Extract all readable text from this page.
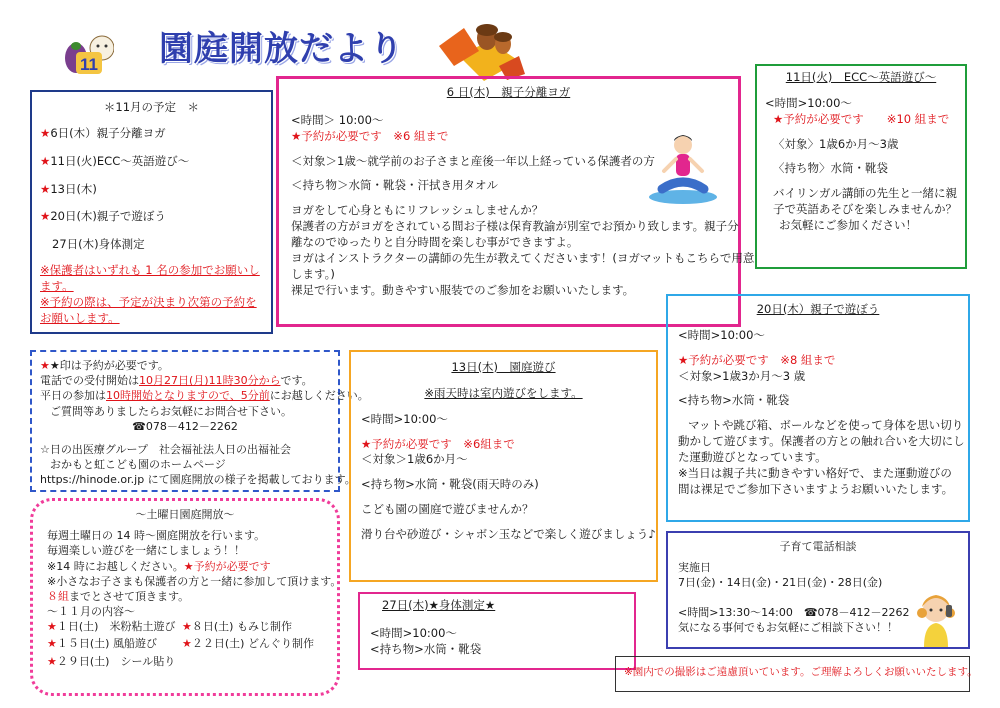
11 園庭開放だより
＊11月の予定　＊
★6日(木）親子分離ヨガ
★11日(火)ECC～英語遊び～
★13日(木)
★20日(木)親子で遊ぼう
27日(木)身体測定
※保護者はいずれも 1 名の参加でお願いします。
※予約の際は、予定が決まり次第の予約をお願いします。
6 日(木)　親子分離ヨガ
<時間＞ 10:00～
★予約が必要です　※6 組まで
＜対象＞1歳～就学前のお子さまと産後一年以上経っている保護者の方
＜持ち物＞水筒・靴袋・汗拭き用タオル
ヨガをして心身ともにリフレッシュしませんか？
保護者の方がヨガをされている間お子様は保育教諭が別室でお預かり致します。親子分
離なのでゆったりと自分時間を楽しむ事ができますよ。
ヨガはインストラクターの講師の先生が教えてくださいます！(ヨガマットもこちらで用意
します。)
裸足で行います。動きやすい服装でのご参加をお願いいたします。
11日(火)　ECC～英語遊び～
<時間>10:00～
★予約が必要です　　※10 組まで
〈対象〉1歳6か月～3歳
〈持ち物〉水筒・靴袋
バイリンガル講師の先生と一緒に親
子で英語あそびを楽しみませんか？
お気軽にご参加ください！
★★印は予約が必要です。
電話での受付開始は10月27日(月)11時30分からです。
平日の参加は10時開始となりますので、5分前にお越しください。
ご質問等ありましたらお気軽にお問合せ下さい。
☎078－412－2262
☆日の出医療グループ　社会福祉法人日の出福祉会
おかもと虹こども園のホームページ
https://hinode.or.jp にて園庭開放の様子を掲載しております。
～土曜日園庭開放～
毎週土曜日の 14 時～園庭開放を行います。
毎週楽しい遊びを一緒にしましょう！！
※14 時にお越しください。★予約が必要です
※小さなお子さまも保護者の方と一緒に参加して頂けます。
８組までとさせて頂きます。
～１１月の内容～
★１日(土)　米粉粘土遊び ★８日(土) もみじ制作
★１５日(土) 風船遊び	★２２日(土) どんぐり制作
★２９日(土)　シール貼り
13日(木)　園庭遊び
※雨天時は室内遊びをします。
<時間>10:00～
★予約が必要です　※6組まで
＜対象＞1歳6か月～
<持ち物>水筒・靴袋(雨天時のみ)
こども園の園庭で遊びませんか？
滑り台や砂遊び・シャボン玉などで楽しく遊びましょう♪
27日(木)★身体測定★
<時間>10:00～
<持ち物>水筒・靴袋
20日(木）親子で遊ぼう
<時間>10:00～
★予約が必要です　※8 組まで
＜対象>1歳3か月～3 歳
<持ち物>水筒・靴袋
マットや跳び箱、ボールなどを使って身体を思い切り
動かして遊びます。保護者の方との触れ合いを大切にし
た運動遊びとなっています。
※当日は親子共に動きやすい格好で、また運動遊びの
間は裸足でご参加下さいますようお願いいたします。
子育て電話相談
実施日
7日(金)・14日(金)・21日(金)・28日(金)
<時間>13:30～14:00　☎078－412－2262
気になる事何でもお気軽にご相談下さい！！
※園内での撮影はご遠慮頂いています。ご理解よろしくお願いいたします。
